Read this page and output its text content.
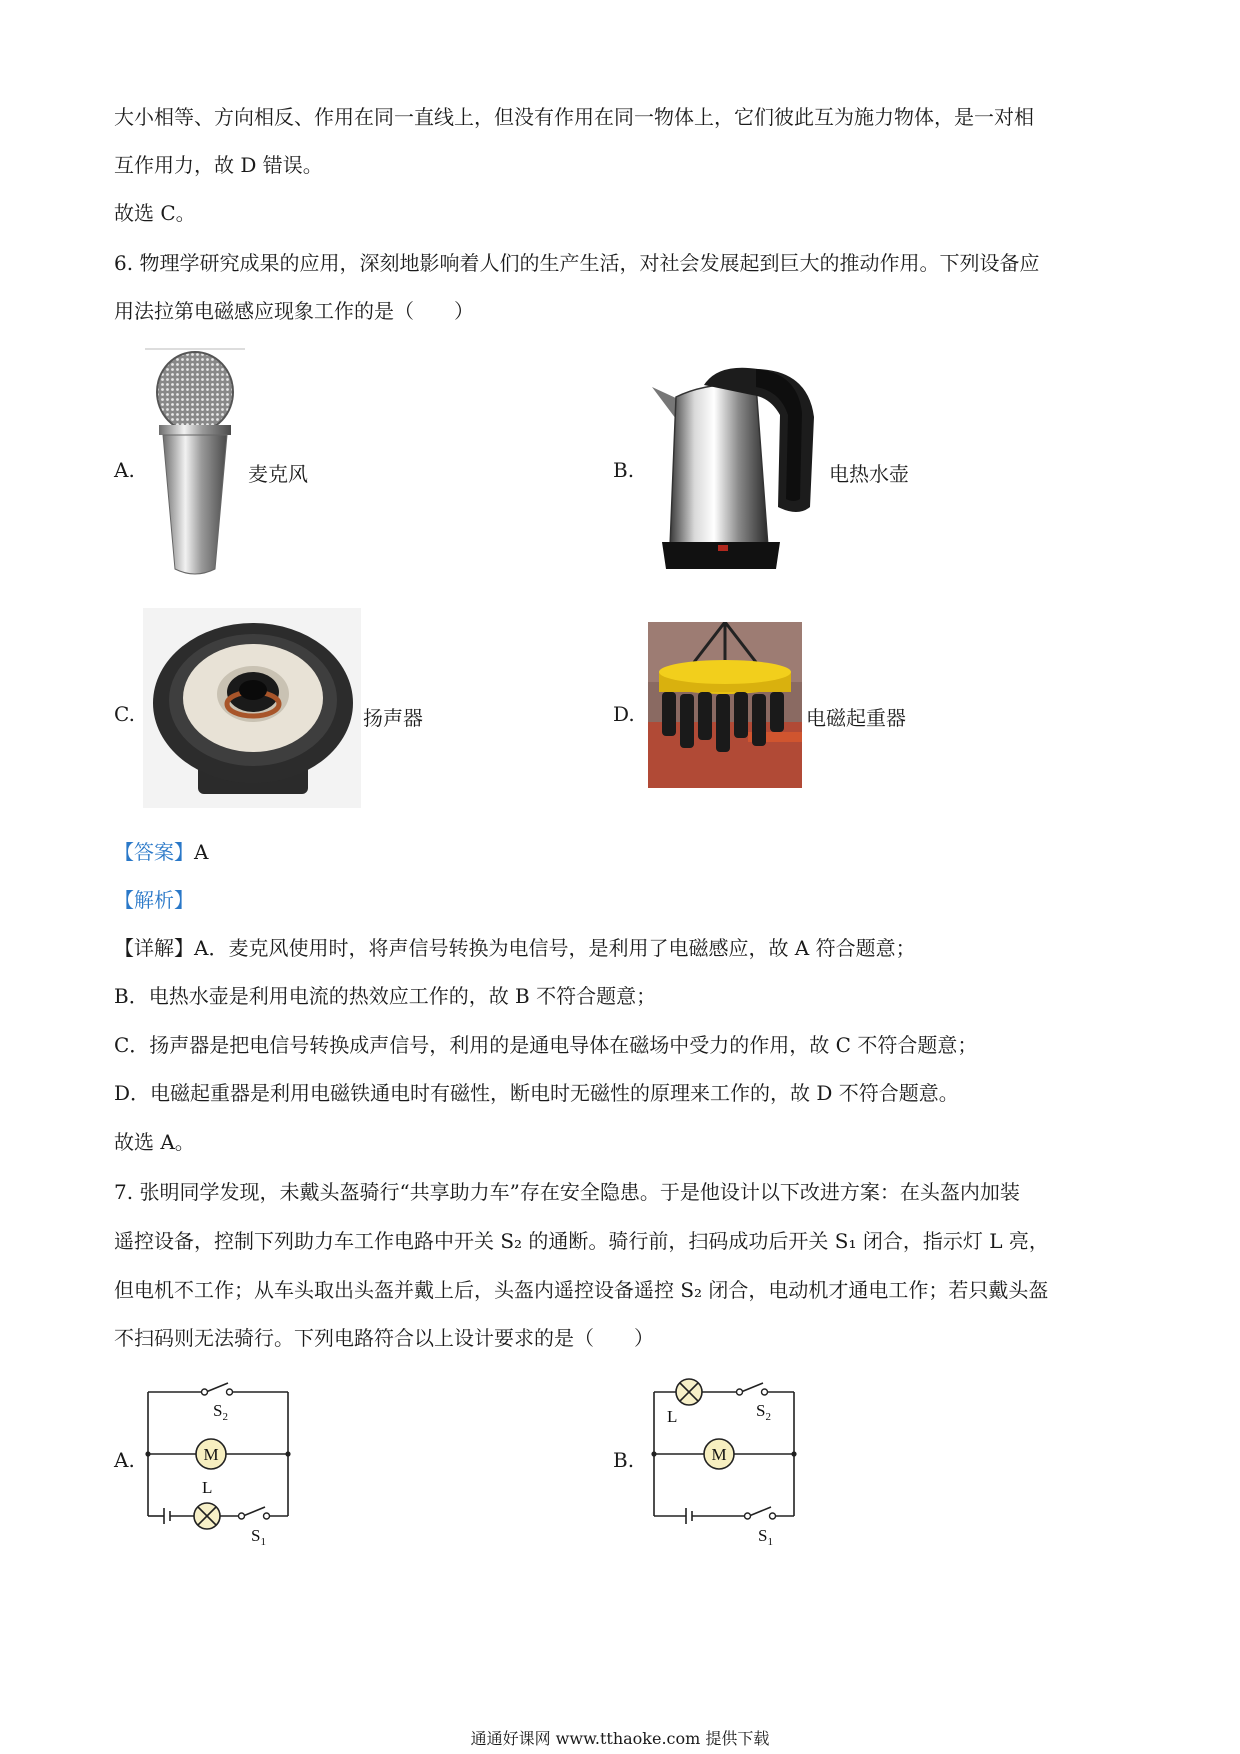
大小相等、方向相反、作用在同一直线上，但没有作用在同一物体上，它们彼此互为施力物体，是一对相
互作用力，故 D 错误。
故选 C。
6. 物理学研究成果的应用，深刻地影响着人们的生产生活，对社会发展起到巨大的推动作用。下列设备应
用法拉第电磁感应现象工作的是（　　）
A.	麦克风	B.	电热水壶
C.	扬声器	D.	电磁起重器
【答案】A
【解析】
【详解】A．麦克风使用时，将声信号转换为电信号，是利用了电磁感应，故 A 符合题意；
B．电热水壶是利用电流的热效应工作的，故 B 不符合题意；
C．扬声器是把电信号转换成声信号，利用的是通电导体在磁场中受力的作用，故 C 不符合题意；
D．电磁起重器是利用电磁铁通电时有磁性，断电时无磁性的原理来工作的，故 D 不符合题意。
故选 A。
7. 张明同学发现，未戴头盔骑行“共享助力车”存在安全隐患。于是他设计以下改进方案：在头盔内加装
遥控设备，控制下列助力车工作电路中开关 S₂ 的通断。骑行前，扫码成功后开关 S₁ 闭合，指示灯 L 亮，
但电机不工作；从车头取出头盔并戴上后，头盔内遥控设备遥控 S₂ 闭合，电动机才通电工作；若只戴头盔
不扫码则无法骑行。下列电路符合以上设计要求的是（　　）
A.	M
L
$S_2$
$S_1$
B.
L
M
$S_2$
$S_1$
通通好课网 www.tthaoke.com 提供下载
